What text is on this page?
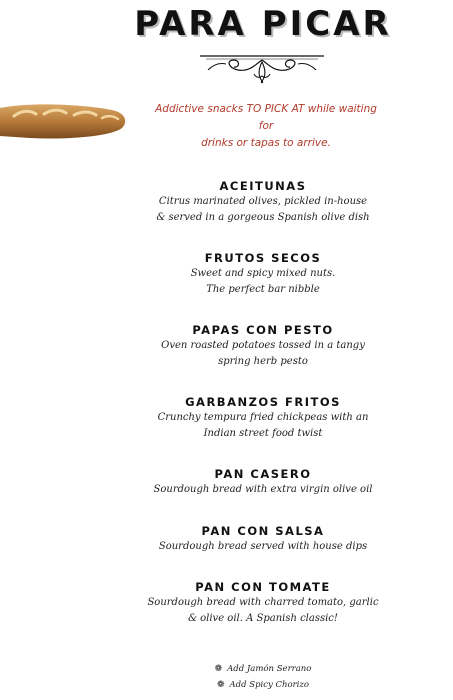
PARA PICAR
Addictive snacks TO PICK AT while waiting for
drinks or tapas to arrive.
ACEITUNAS
Citrus marinated olives, pickled in-house
& served in a gorgeous Spanish olive dish
FRUTOS SECOS
Sweet and spicy mixed nuts.
The perfect bar nibble
PAPAS CON PESTO
Oven roasted potatoes tossed in a tangy
spring herb pesto
GARBANZOS FRITOS
Crunchy tempura fried chickpeas with an
Indian street food twist
PAN CASERO
Sourdough bread with extra virgin olive oil
PAN CON SALSA
Sourdough bread served with house dips
PAN CON TOMATE
Sourdough bread with charred tomato, garlic
& olive oil. A Spanish classic!
❁ Add Jamón Serrano
❁ Add Spicy Chorizo
